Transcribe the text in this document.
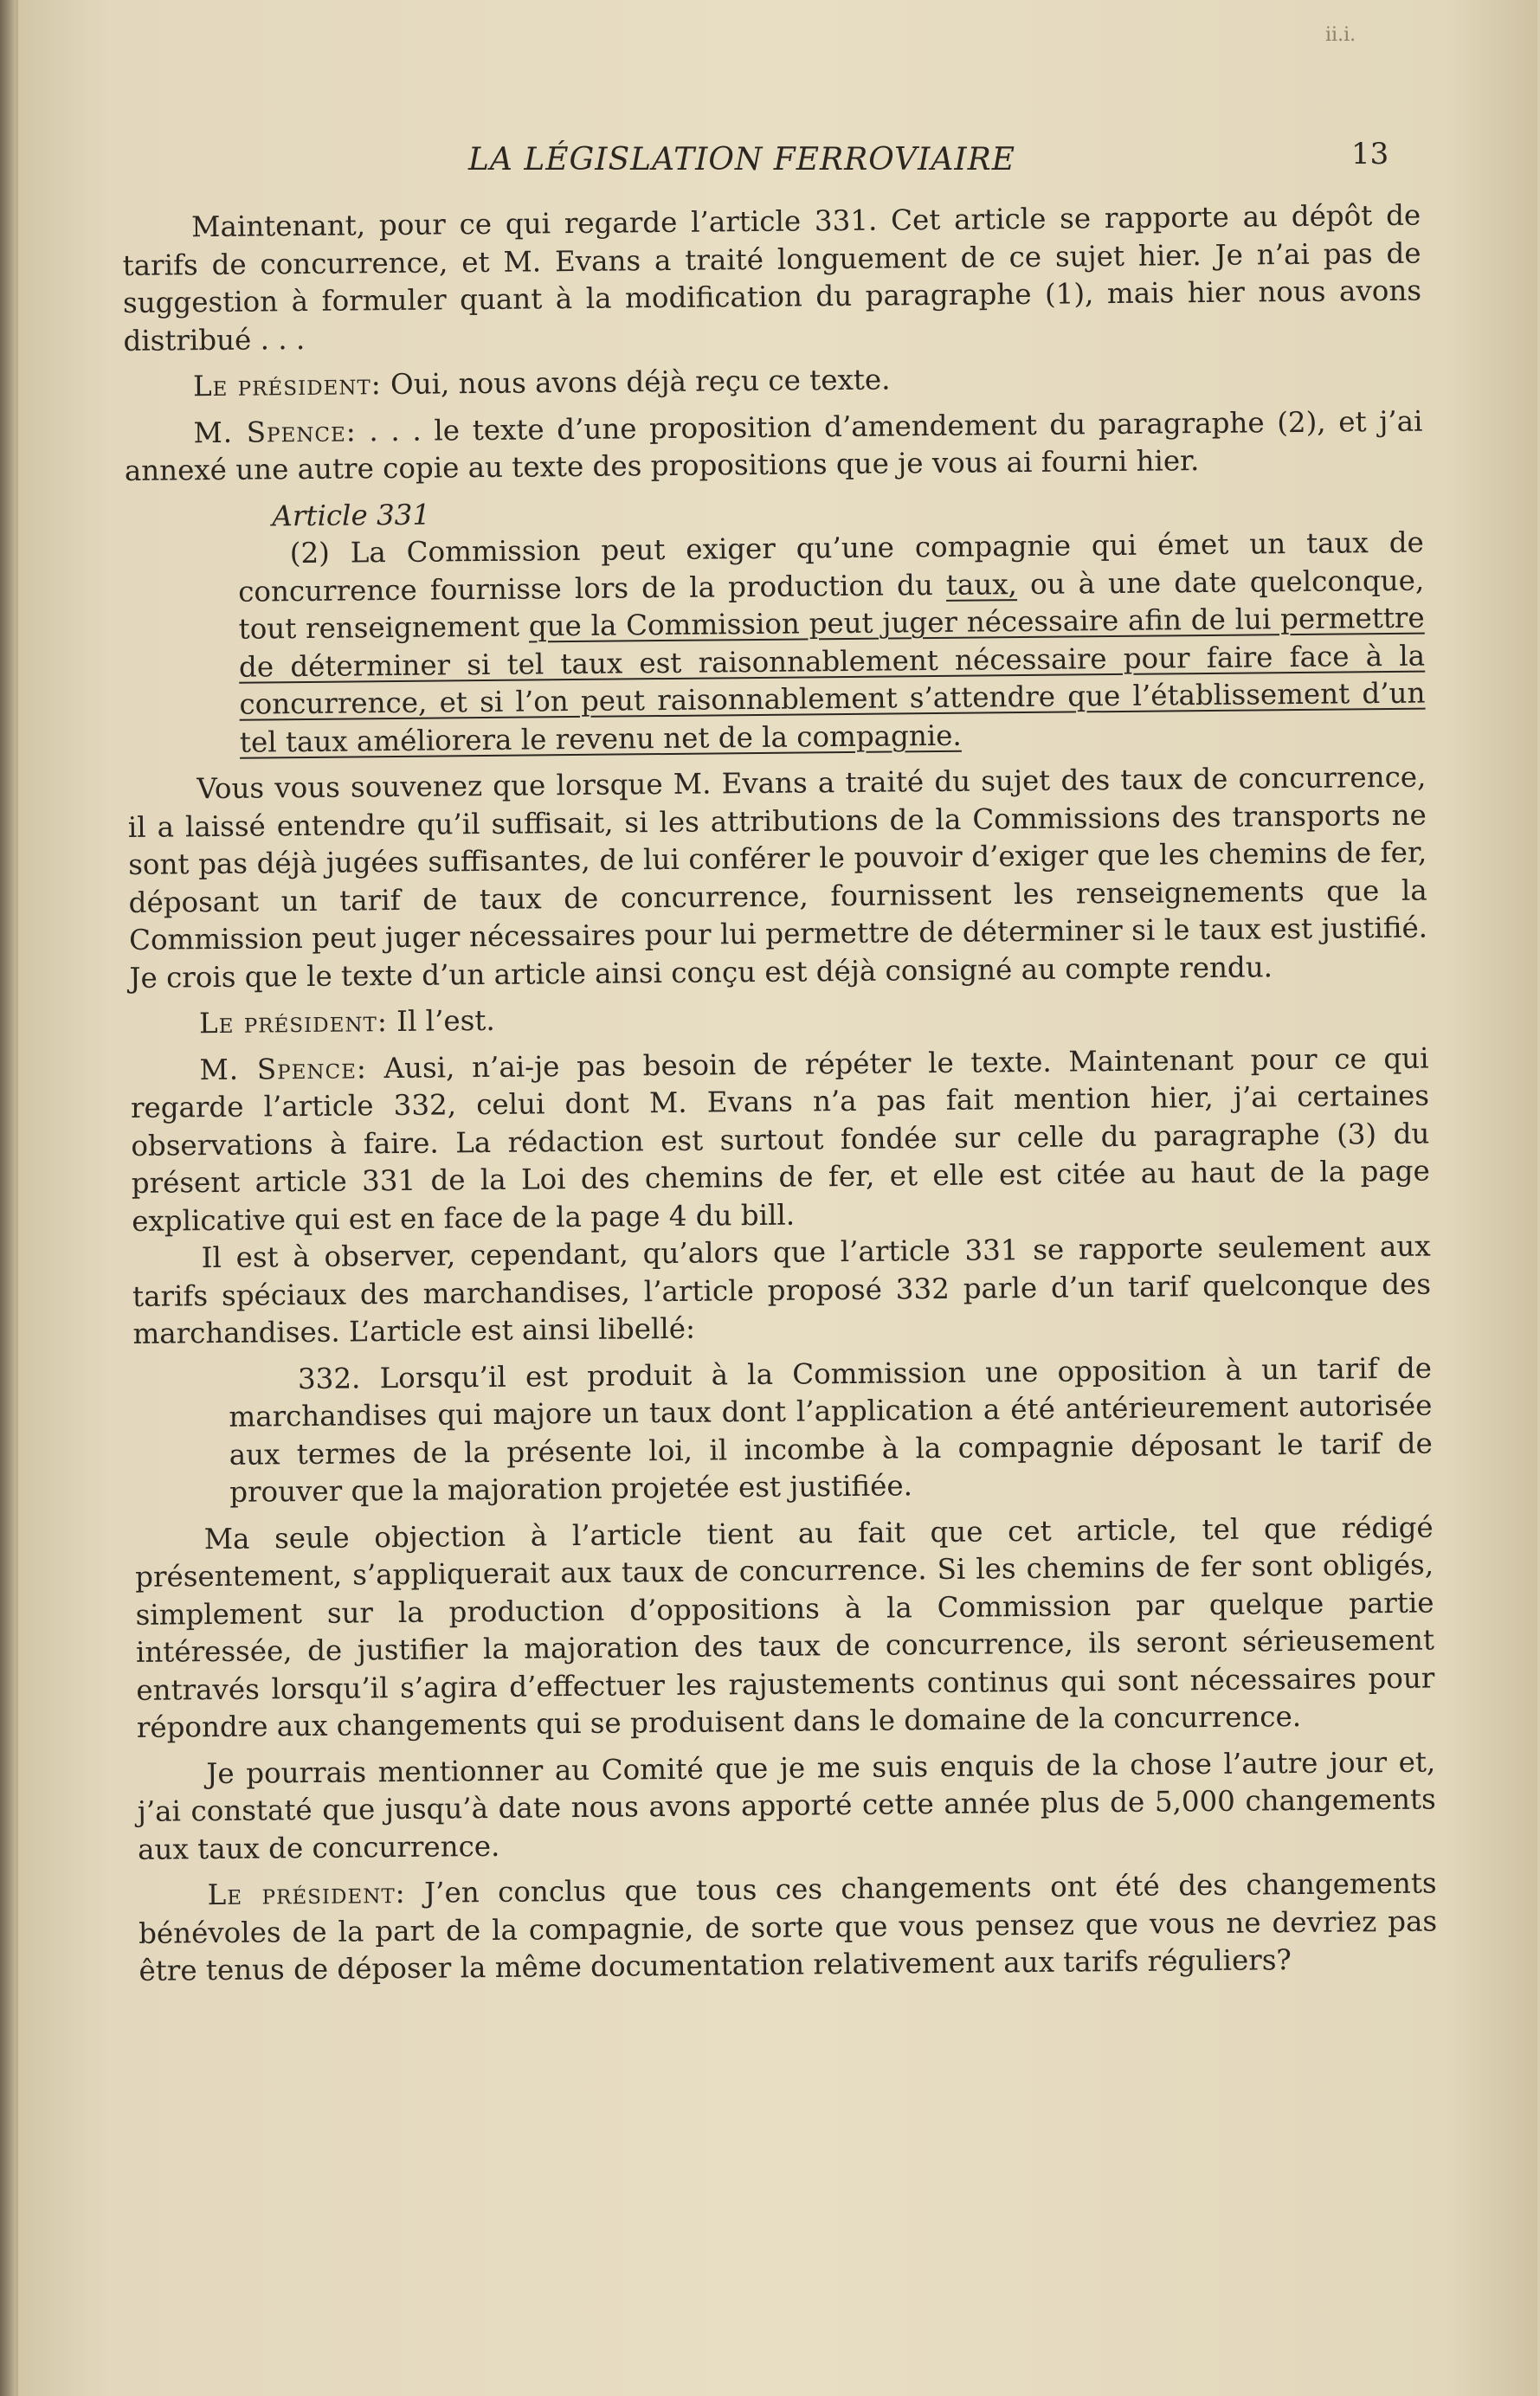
ii.i.
LA LÉGISLATION FERROVIAIRE	13

Maintenant, pour ce qui regarde l’article 331. Cet article se rapporte au dépôt de tarifs de concurrence, et M. Evans a traité longuement de ce sujet hier. Je n’ai pas de suggestion à formuler quant à la modification du paragraphe (1), mais hier nous avons distribué . . .

Le président: Oui, nous avons déjà reçu ce texte.

M. Spence: . . . le texte d’une proposition d’amendement du paragraphe (2), et j’ai annexé une autre copie au texte des propositions que je vous ai fourni hier.

Article 331

(2) La Commission peut exiger qu’une compagnie qui émet un taux de concurrence fournisse lors de la production du taux, ou à une date quelconque, tout renseignement que la Commission peut juger nécessaire afin de lui permettre de déterminer si tel taux est raisonnablement nécessaire pour faire face à la concurrence, et si l’on peut raisonnablement s’attendre que l’établissement d’un tel taux améliorera le revenu net de la compagnie.

Vous vous souvenez que lorsque M. Evans a traité du sujet des taux de concurrence, il a laissé entendre qu’il suffisait, si les attributions de la Commissions des transports ne sont pas déjà jugées suffisantes, de lui conférer le pouvoir d’exiger que les chemins de fer, déposant un tarif de taux de concurrence, fournissent les renseignements que la Commission peut juger nécessaires pour lui permettre de déterminer si le taux est justifié. Je crois que le texte d’un article ainsi conçu est déjà consigné au compte rendu.

Le président: Il l’est.

M. Spence: Ausi, n’ai-je pas besoin de répéter le texte. Maintenant pour ce qui regarde l’article 332, celui dont M. Evans n’a pas fait mention hier, j’ai certaines observations à faire. La rédaction est surtout fondée sur celle du paragraphe (3) du présent article 331 de la Loi des chemins de fer, et elle est citée au haut de la page explicative qui est en face de la page 4 du bill.

Il est à observer, cependant, qu’alors que l’article 331 se rapporte seulement aux tarifs spéciaux des marchandises, l’article proposé 332 parle d’un tarif quelconque des marchandises. L’article est ainsi libellé:

332. Lorsqu’il est produit à la Commission une opposition à un tarif de marchandises qui majore un taux dont l’application a été antérieurement autorisée aux termes de la présente loi, il incombe à la compagnie déposant le tarif de prouver que la majoration projetée est justifiée.

Ma seule objection à l’article tient au fait que cet article, tel que rédigé présentement, s’appliquerait aux taux de concurrence. Si les chemins de fer sont obligés, simplement sur la production d’oppositions à la Commission par quelque partie intéressée, de justifier la majoration des taux de concurrence, ils seront sérieusement entravés lorsqu’il s’agira d’effectuer les rajustements continus qui sont nécessaires pour répondre aux changements qui se produisent dans le domaine de la concurrence.

Je pourrais mentionner au Comité que je me suis enquis de la chose l’autre jour et, j’ai constaté que jusqu’à date nous avons apporté cette année plus de 5,000 changements aux taux de concurrence.

Le président: J’en conclus que tous ces changements ont été des changements bénévoles de la part de la compagnie, de sorte que vous pensez que vous ne devriez pas être tenus de déposer la même documentation relativement aux tarifs réguliers?
